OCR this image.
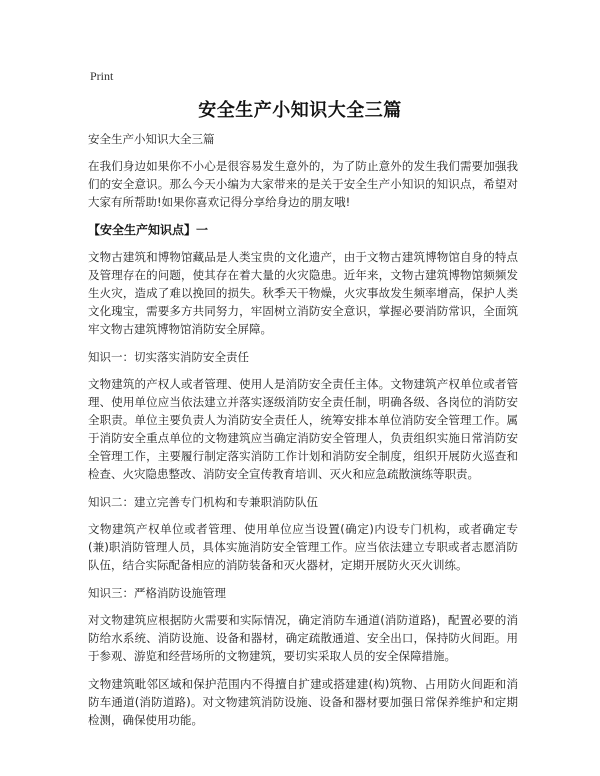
Print
安全生产小知识大全三篇

安全生产小知识大全三篇

在我们身边如果你不小心是很容易发生意外的，为了防止意外的发生我们需要加强我们的安全意识。那么今天小编为大家带来的是关于安全生产小知识的知识点，希望对大家有所帮助!如果你喜欢记得分享给身边的朋友哦!

【安全生产知识点】一

文物古建筑和博物馆藏品是人类宝贵的文化遗产，由于文物古建筑博物馆自身的特点及管理存在的问题，使其存在着大量的火灾隐患。近年来，文物古建筑博物馆频频发生火灾，造成了难以挽回的损失。秋季天干物燥，火灾事故发生频率增高，保护人类文化瑰宝，需要多方共同努力，牢固树立消防安全意识，掌握必要消防常识，全面筑牢文物古建筑博物馆消防安全屏障。

知识一：切实落实消防安全责任

文物建筑的产权人或者管理、使用人是消防安全责任主体。文物建筑产权单位或者管理、使用单位应当依法建立并落实逐级消防安全责任制，明确各级、各岗位的消防安全职责。单位主要负责人为消防安全责任人，统筹安排本单位消防安全管理工作。属于消防安全重点单位的文物建筑应当确定消防安全管理人，负责组织实施日常消防安全管理工作，主要履行制定落实消防工作计划和消防安全制度，组织开展防火巡查和检查、火灾隐患整改、消防安全宣传教育培训、灭火和应急疏散演练等职责。

知识二：建立完善专门机构和专兼职消防队伍

文物建筑产权单位或者管理、使用单位应当设置(确定)内设专门机构，或者确定专(兼)职消防管理人员，具体实施消防安全管理工作。应当依法建立专职或者志愿消防队伍，结合实际配备相应的消防装备和灭火器材，定期开展防火灭火训练。

知识三：严格消防设施管理

对文物建筑应根据防火需要和实际情况，确定消防车通道(消防道路)，配置必要的消防给水系统、消防设施、设备和器材，确定疏散通道、安全出口，保持防火间距。用于参观、游览和经营场所的文物建筑，要切实采取人员的安全保障措施。

文物建筑毗邻区域和保护范围内不得擅自扩建或搭建建(构)筑物、占用防火间距和消防车通道(消防道路)。对文物建筑消防设施、设备和器材要加强日常保养维护和定期检测，确保使用功能。
